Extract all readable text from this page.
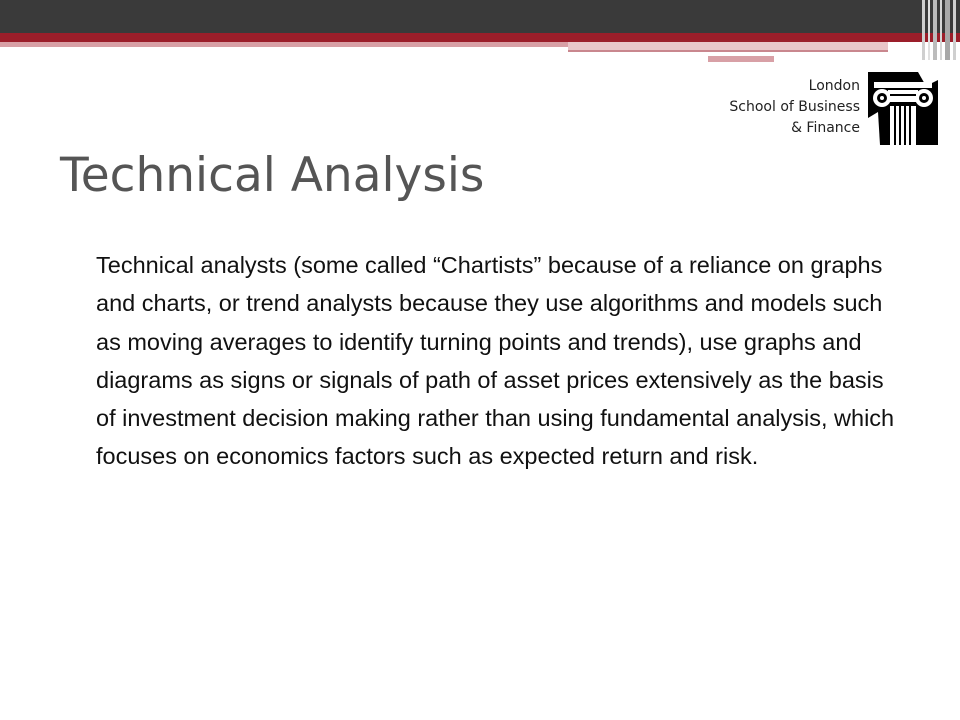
London
School of Business
& Finance
Technical Analysis
Technical analysts (some called “Chartists” because of a reliance on graphs and charts, or trend analysts because they use algorithms and models such as moving averages to identify turning points and trends), use graphs and diagrams as signs or signals of path of asset prices extensively as the basis of investment decision making rather than using fundamental analysis, which focuses on economics factors such as expected return and risk.
